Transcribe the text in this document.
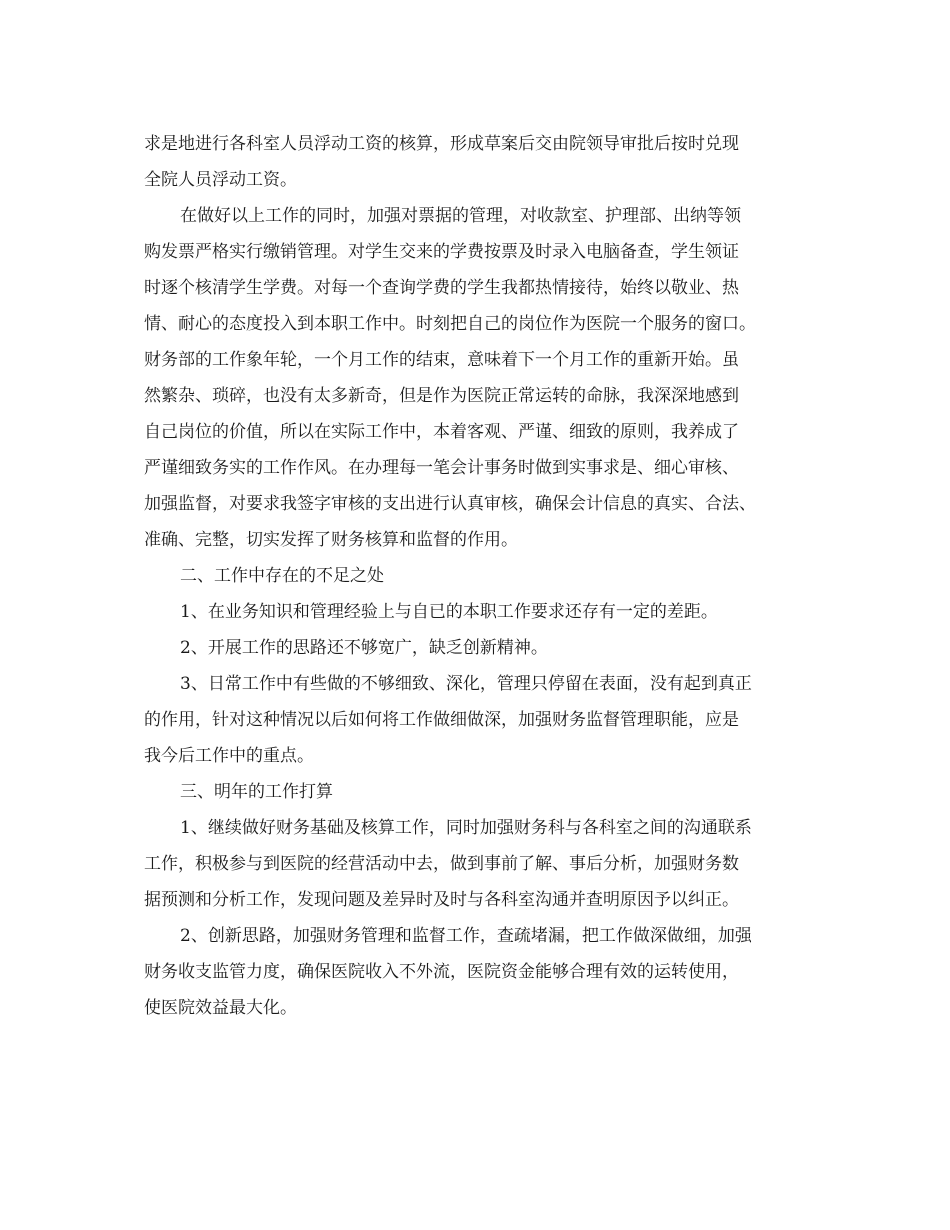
求是地进行各科室人员浮动工资的核算，形成草案后交由院领导审批后按时兑现
全院人员浮动工资。
在做好以上工作的同时，加强对票据的管理，对收款室、护理部、出纳等领
购发票严格实行缴销管理。对学生交来的学费按票及时录入电脑备查，学生领证
时逐个核清学生学费。对每一个查询学费的学生我都热情接待，始终以敬业、热
情、耐心的态度投入到本职工作中。时刻把自己的岗位作为医院一个服务的窗口。
财务部的工作象年轮，一个月工作的结束，意味着下一个月工作的重新开始。虽
然繁杂、琐碎，也没有太多新奇，但是作为医院正常运转的命脉，我深深地感到
自己岗位的价值，所以在实际工作中，本着客观、严谨、细致的原则，我养成了
严谨细致务实的工作作风。在办理每一笔会计事务时做到实事求是、细心审核、
加强监督，对要求我签字审核的支出进行认真审核，确保会计信息的真实、合法、
准确、完整，切实发挥了财务核算和监督的作用。
二、工作中存在的不足之处
1、在业务知识和管理经验上与自已的本职工作要求还存有一定的差距。
2、开展工作的思路还不够宽广，缺乏创新精神。
3、日常工作中有些做的不够细致、深化，管理只停留在表面，没有起到真正
的作用，针对这种情况以后如何将工作做细做深，加强财务监督管理职能，应是
我今后工作中的重点。
三、明年的工作打算
1、继续做好财务基础及核算工作，同时加强财务科与各科室之间的沟通联系
工作，积极参与到医院的经营活动中去，做到事前了解、事后分析，加强财务数
据预测和分析工作，发现问题及差异时及时与各科室沟通并查明原因予以纠正。
2、创新思路，加强财务管理和监督工作，查疏堵漏，把工作做深做细，加强
财务收支监管力度，确保医院收入不外流，医院资金能够合理有效的运转使用，
使医院效益最大化。
